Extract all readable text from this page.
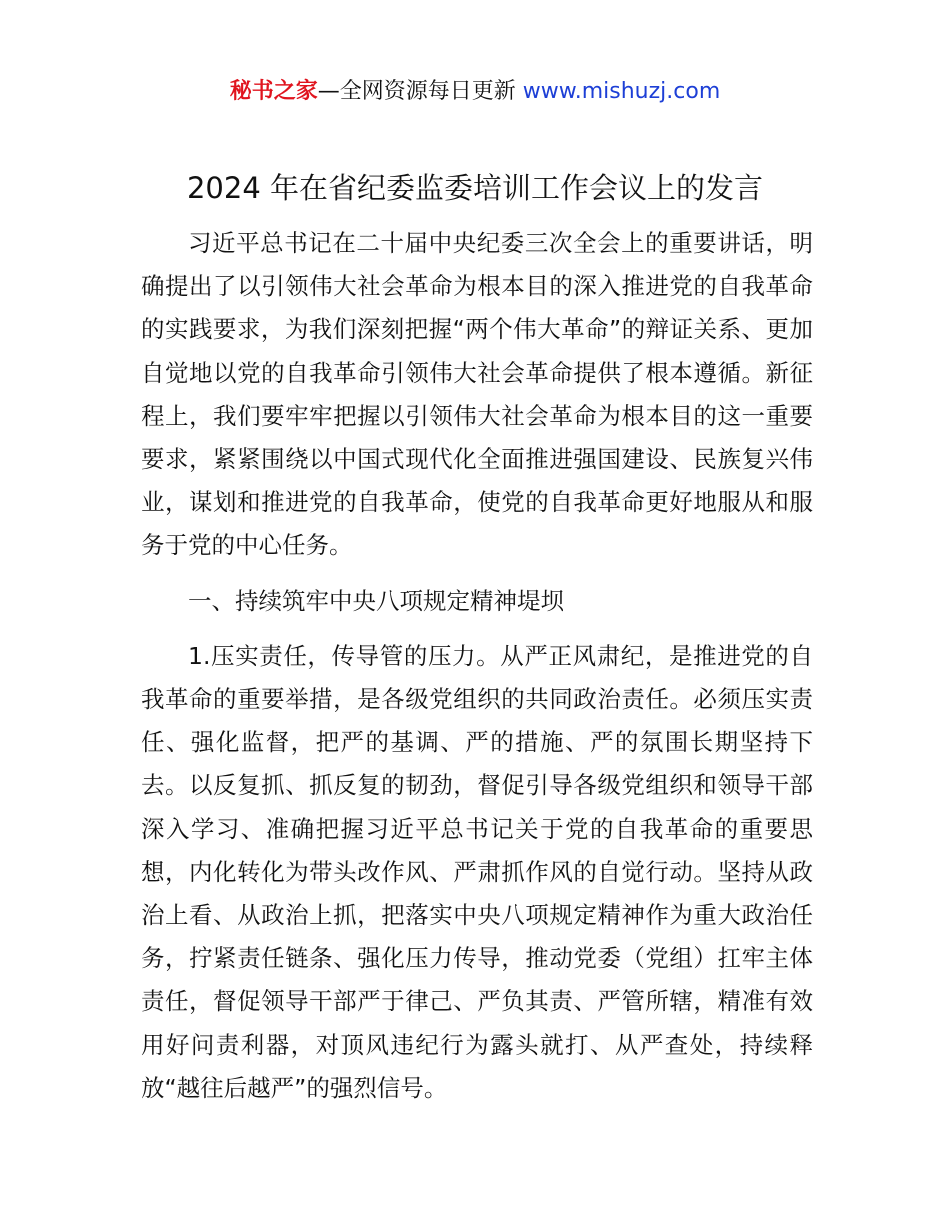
秘书之家—全网资源每日更新 www.mishuzj.com
2024 年在省纪委监委培训工作会议上的发言

习近平总书记在二十届中央纪委三次全会上的重要讲话，明确提出了以引领伟大社会革命为根本目的深入推进党的自我革命的实践要求，为我们深刻把握“两个伟大革命”的辩证关系、更加自觉地以党的自我革命引领伟大社会革命提供了根本遵循。新征程上，我们要牢牢把握以引领伟大社会革命为根本目的这一重要要求，紧紧围绕以中国式现代化全面推进强国建设、民族复兴伟业，谋划和推进党的自我革命，使党的自我革命更好地服从和服务于党的中心任务。

一、持续筑牢中央八项规定精神堤坝

1.压实责任，传导管的压力。从严正风肃纪，是推进党的自我革命的重要举措，是各级党组织的共同政治责任。必须压实责任、强化监督，把严的基调、严的措施、严的氛围长期坚持下去。以反复抓、抓反复的韧劲，督促引导各级党组织和领导干部深入学习、准确把握习近平总书记关于党的自我革命的重要思想，内化转化为带头改作风、严肃抓作风的自觉行动。坚持从政治上看、从政治上抓，把落实中央八项规定精神作为重大政治任务，拧紧责任链条、强化压力传导，推动党委（党组）扛牢主体责任，督促领导干部严于律己、严负其责、严管所辖，精准有效用好问责利器，对顶风违纪行为露头就打、从严查处，持续释放“越往后越严”的强烈信号。
